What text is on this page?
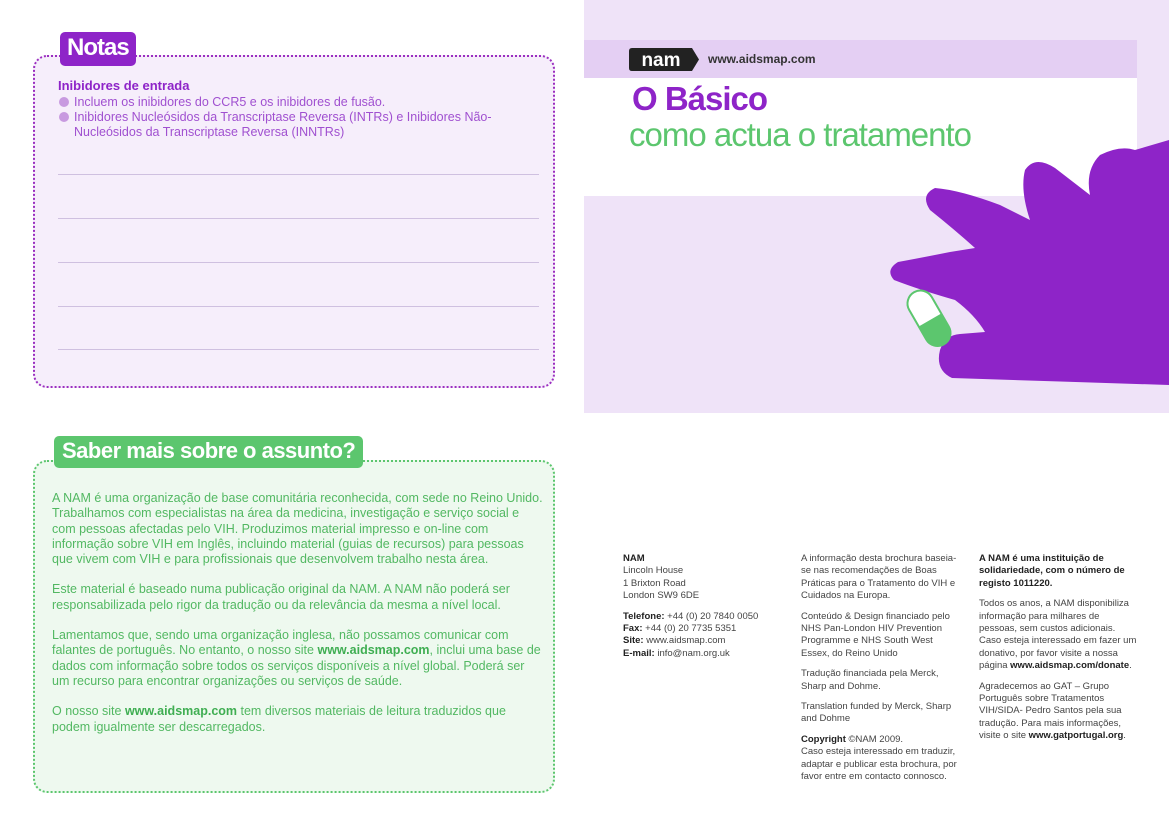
Notas
Inibidores de entrada
Incluem os inibidores do CCR5 e os inibidores de fusão.
Inibidores Nucleósidos da Transcriptase Reversa (INTRs) e Inibidores Não-Nucleósidos da Transcriptase Reversa (INNTRs)
Saber mais sobre o assunto?

A NAM é uma organização de base comunitária reconhecida, com sede no Reino Unido. Trabalhamos com especialistas na área da medicina, investigação e serviço social e com pessoas afectadas pelo VIH. Produzimos material impresso e on-line com informação sobre VIH em Inglês, incluindo material (guias de recursos) para pessoas que vivem com VIH e para profissionais que desenvolvem trabalho nesta área.

Este material é baseado numa publicação original da NAM. A NAM não poderá ser responsabilizada pelo rigor da tradução ou da relevância da mesma a nível local.

Lamentamos que, sendo uma organização inglesa, não possamos comunicar com falantes de português. No entanto, o nosso site www.aidsmap.com, inclui uma base de dados com informação sobre todos os serviços disponíveis a nível global. Poderá ser um recurso para encontrar organizações ou serviços de saúde.

O nosso site www.aidsmap.com tem diversos materiais de leitura traduzidos que podem igualmente ser descarregados.

nam www.aidsmap.com
O Básico
como actua o tratamento

NAM
Lincoln House
1 Brixton Road
London SW9 6DE

Telefone: +44 (0) 20 7840 0050
Fax: +44 (0) 20 7735 5351
Site: www.aidsmap.com
E-mail: info@nam.org.uk

A informação desta brochura baseia-se nas recomendações de Boas Práticas para o Tratamento do VIH e Cuidados na Europa.

Conteúdo & Design financiado pelo NHS Pan-London HIV Prevention Programme e NHS South West Essex, do Reino Unido

Tradução financiada pela Merck, Sharp and Dohme.

Translation funded by Merck, Sharp and Dohme

Copyright ©NAM 2009.
Caso esteja interessado em traduzir, adaptar e publicar esta brochura, por favor entre em contacto connosco.

A NAM é uma instituição de solidariedade, com o número de registo 1011220.

Todos os anos, a NAM disponibiliza informação para milhares de pessoas, sem custos adicionais. Caso esteja interessado em fazer um donativo, por favor visite a nossa página www.aidsmap.com/donate.

Agradecemos ao GAT – Grupo Português sobre Tratamentos VIH/SIDA- Pedro Santos pela sua tradução. Para mais informações, visite o site www.gatportugal.org.
